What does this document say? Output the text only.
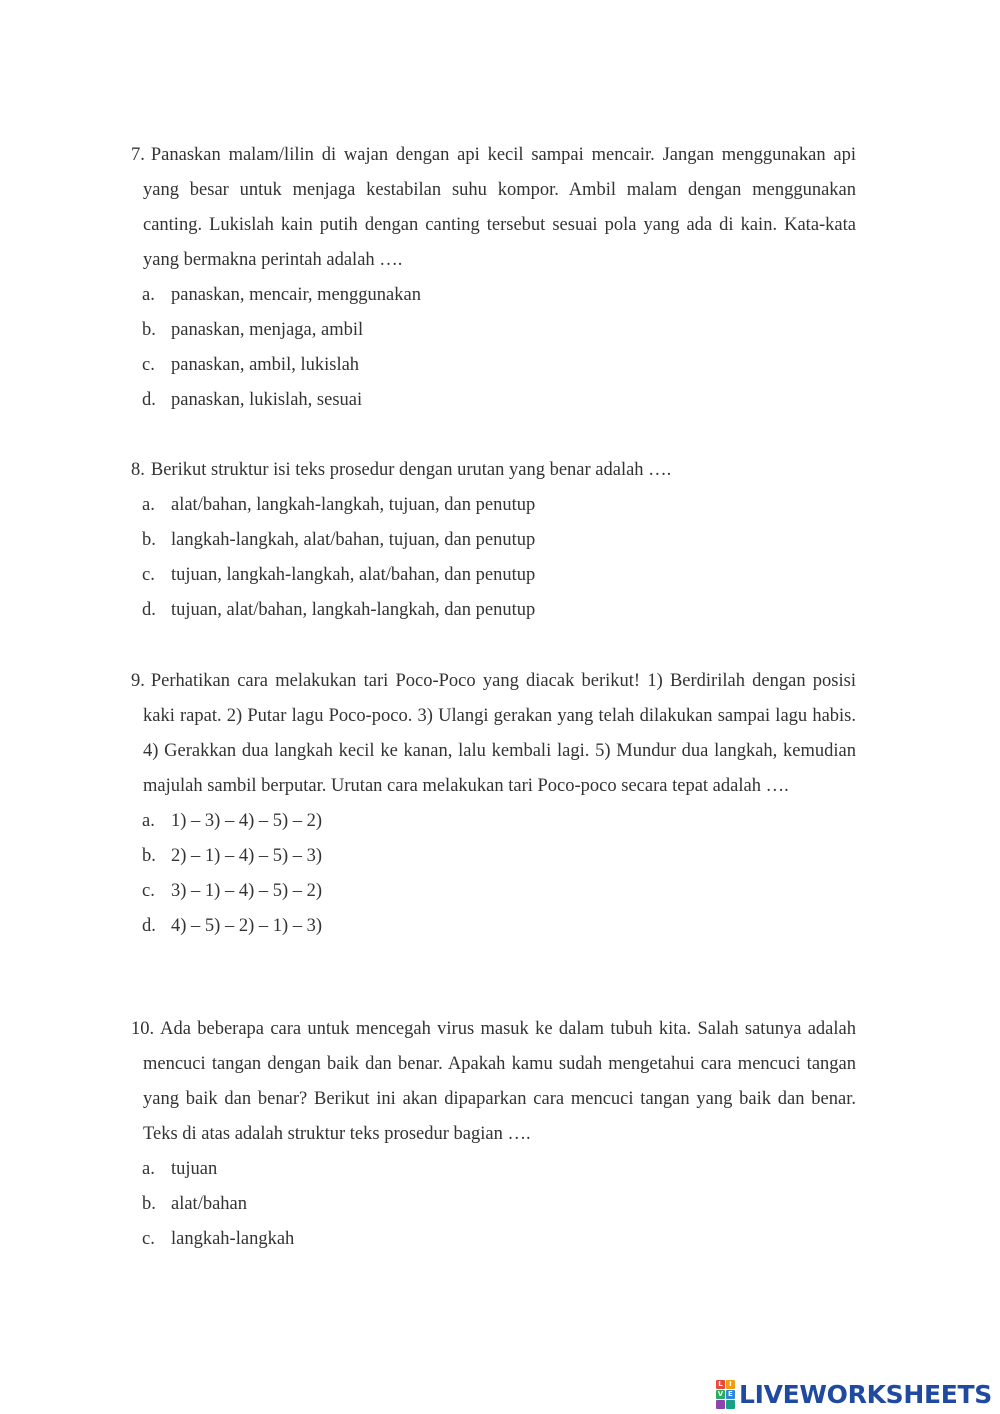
7. Panaskan malam/lilin di wajan dengan api kecil sampai mencair. Jangan menggunakan api yang besar untuk menjaga kestabilan suhu kompor. Ambil malam dengan menggunakan canting. Lukislah kain putih dengan canting tersebut sesuai pola yang ada di kain. Kata-kata yang bermakna perintah adalah ….

a. panaskan, mencair, menggunakan
b. panaskan, menjaga, ambil
c. panaskan, ambil, lukislah
d. panaskan, lukislah, sesuai

8. Berikut struktur isi teks prosedur dengan urutan yang benar adalah ….

a. alat/bahan, langkah-langkah, tujuan, dan penutup
b. langkah-langkah, alat/bahan, tujuan, dan penutup
c. tujuan, langkah-langkah, alat/bahan, dan penutup
d. tujuan, alat/bahan, langkah-langkah, dan penutup

9. Perhatikan cara melakukan tari Poco-Poco yang diacak berikut! 1) Berdirilah dengan posisi kaki rapat. 2) Putar lagu Poco-poco. 3) Ulangi gerakan yang telah dilakukan sampai lagu habis. 4) Gerakkan dua langkah kecil ke kanan, lalu kembali lagi. 5) Mundur dua langkah, kemudian majulah sambil berputar. Urutan cara melakukan tari Poco-poco secara tepat adalah ….

a. 1) – 3) – 4) – 5) – 2)
b. 2) – 1) – 4) – 5) – 3)
c. 3) – 1) – 4) – 5) – 2)
d. 4) – 5) – 2) – 1) – 3)

10. Ada beberapa cara untuk mencegah virus masuk ke dalam tubuh kita. Salah satunya adalah mencuci tangan dengan baik dan benar. Apakah kamu sudah mengetahui cara mencuci tangan yang baik dan benar? Berikut ini akan dipaparkan cara mencuci tangan yang baik dan benar. Teks di atas adalah struktur teks prosedur bagian ….

a. tujuan
b. alat/bahan
c. langkah-langkah
L I
V E LIVEWORKSHEETS
